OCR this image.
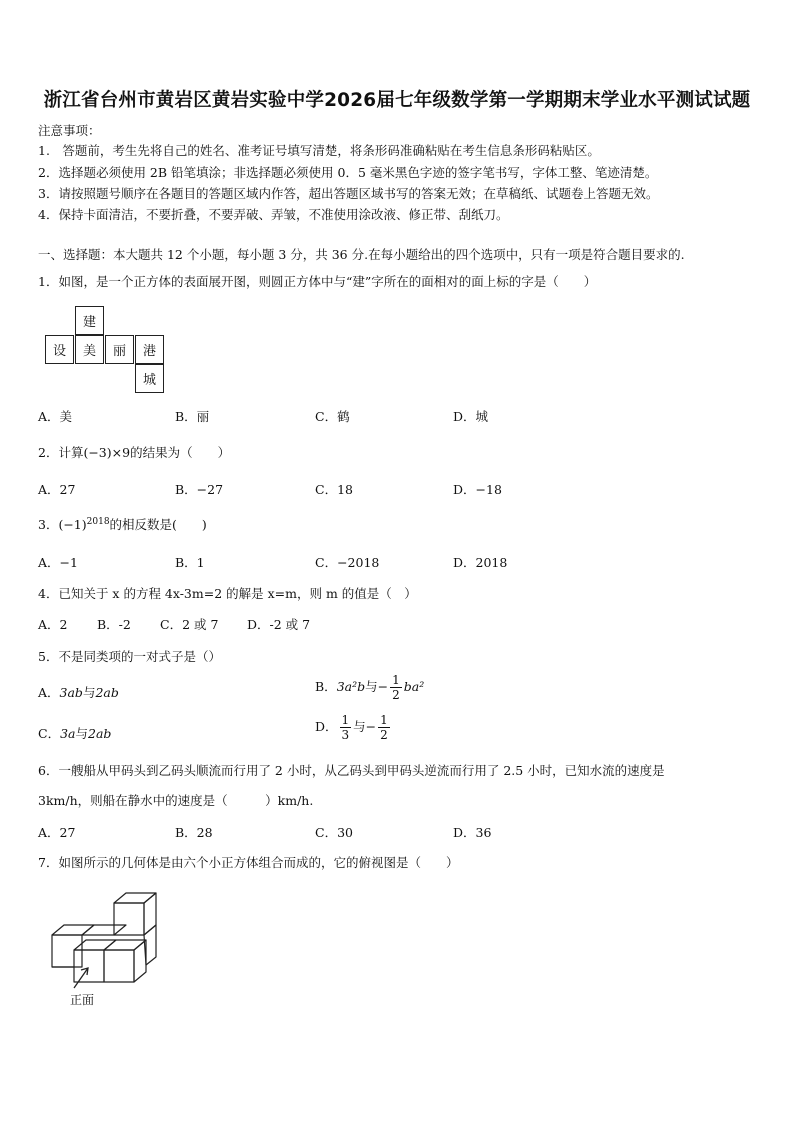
浙江省台州市黄岩区黄岩实验中学2026届七年级数学第一学期期末学业水平测试试题
注意事项：
1.　答题前，考生先将自己的姓名、准考证号填写清楚，将条形码准确粘贴在考生信息条形码粘贴区。
2．选择题必须使用 2B 铅笔填涂；非选择题必须使用 0．5 毫米黑色字迹的签字笔书写，字体工整、笔迹清楚。
3．请按照题号顺序在各题目的答题区域内作答，超出答题区域书写的答案无效；在草稿纸、试题卷上答题无效。
4．保持卡面清洁，不要折叠，不要弄破、弄皱，不准使用涂改液、修正带、刮纸刀。
一、选择题：本大题共 12 个小题，每小题 3 分，共 36 分.在每小题给出的四个选项中，只有一项是符合题目要求的.
1．如图，是一个正方体的表面展开图，则圆正方体中与“建”字所在的面相对的面上标的字是（　　）
建
设	美	丽	港
城
A．美	B．丽	C．鹤	D．城
2．计算(−3)×9的结果为（　　）
A．27	B．−27	C．18	D．−18
3．$(-1)^{2018}$的相反数是(　　)
A．−1	B．1	C．−2018	D．2018
4．已知关于 x 的方程 4x-3m=2 的解是 x=m，则 m 的值是（　）
A．2 B．-2 C．2 或 7 D．-2 或 7
5．不是同类项的一对式子是（）
A．3ab与2ab	B．3a²b与− $\frac{1}{2} ba^2$
C．3a与2ab	D． $\frac{1}{3}$ 与− $\frac{1}{2}$
6．一艘船从甲码头到乙码头顺流而行用了 2 小时，从乙码头到甲码头逆流而行用了 2.5 小时，已知水流的速度是
3km/h，则船在静水中的速度是（　　　）km/h.
A．27	B．28	C．30	D．36
7．如图所示的几何体是由六个小正方体组合而成的，它的俯视图是（　　）
正面
